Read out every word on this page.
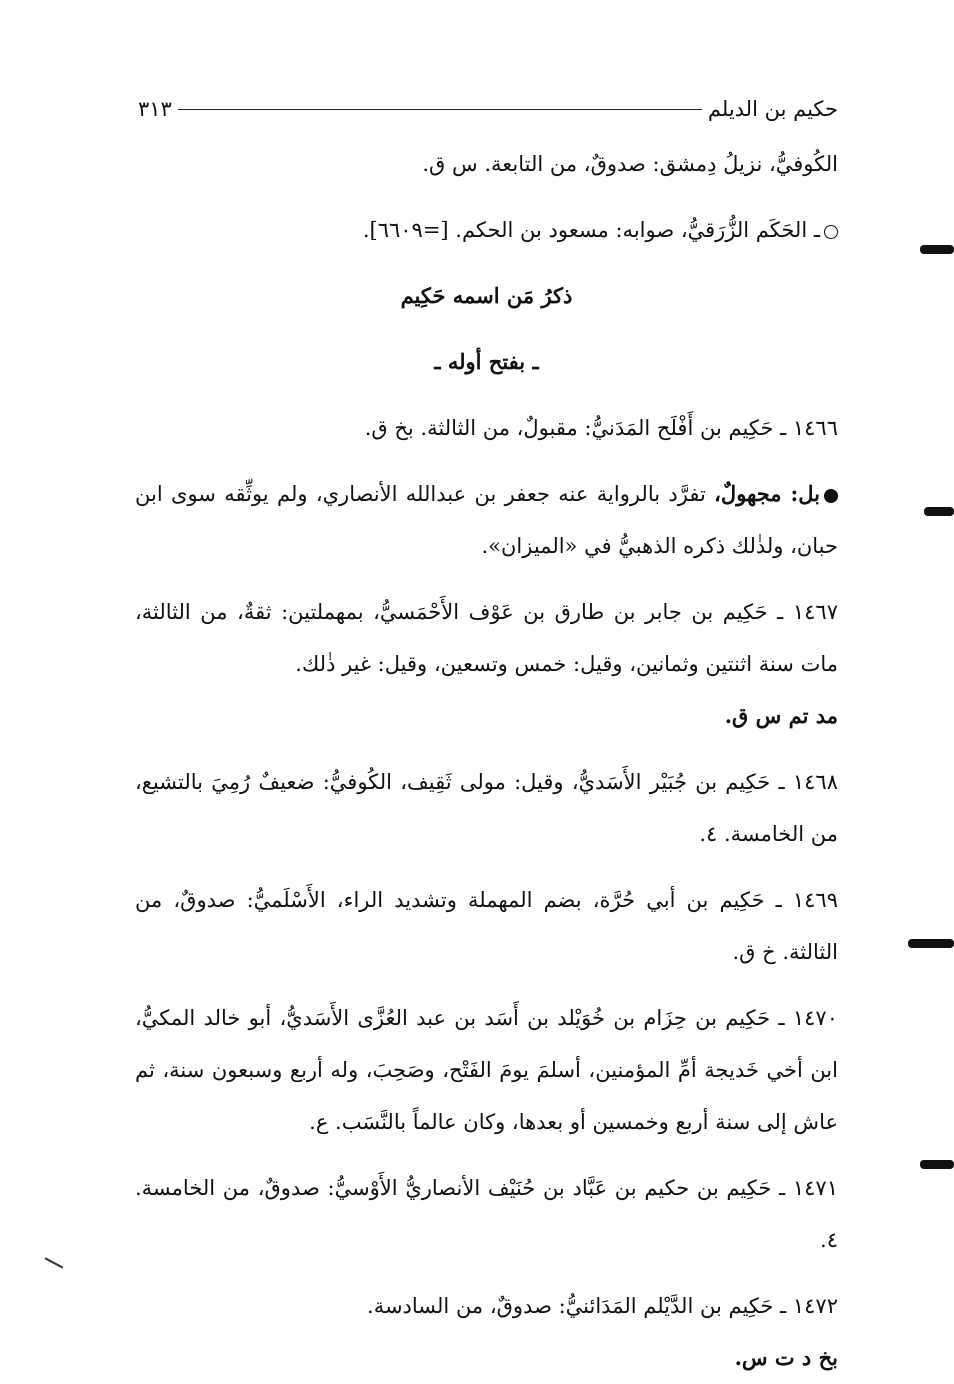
حكيم بن الديلم
٣١٣

الكُوفيُّ، نزيلُ دِمشق: صدوقٌ، من التابعة. س ق.

ـ الحَكَم الزُّرَقيُّ، صوابه: مسعود بن الحكم. [=٦٦٠٩].

ذكرُ مَن اسمه حَكِيم

ـ بفتح أوله ـ

١٤٦٦ ـ حَكِيم بن أَفْلَح المَدَنيُّ: مقبولٌ، من الثالثة. بخ ق.

بل: مجهولٌ، تفرَّد بالرواية عنه جعفر بن عبدالله الأنصاري، ولم يوثِّقه سوى ابن حبان، ولذٰلك ذكره الذهبيُّ في «الميزان».

١٤٦٧ ـ حَكِيم بن جابر بن طارق بن عَوْف الأَحْمَسيُّ، بمهملتين: ثقةٌ، من الثالثة، مات سنة اثنتين وثمانين، وقيل: خمس وتسعين، وقيل: غير ذٰلك.

مد تم س ق.

١٤٦٨ ـ حَكِيم بن جُبَيْر الأَسَديُّ، وقيل: مولى ثَقِيف، الكُوفيُّ: ضعيفٌ رُمِيَ بالتشيع، من الخامسة. ٤.

١٤٦٩ ـ حَكِيم بن أبي حُرَّة، بضم المهملة وتشديد الراء، الأَسْلَميُّ: صدوقٌ، من الثالثة. خ ق.

١٤٧٠ ـ حَكِيم بن حِزَام بن خُوَيْلد بن أَسَد بن عبد العُزَّى الأَسَديُّ، أبو خالد المكيُّ، ابن أخي خَديجة أمِّ المؤمنين، أسلمَ يومَ الفَتْح، وصَحِبَ، وله أربع وسبعون سنة، ثم عاش إلى سنة أربع وخمسين أو بعدها، وكان عالماً بالنَّسَب. ع.

١٤٧١ ـ حَكِيم بن حكيم بن عَبَّاد بن حُنَيْف الأنصاريُّ الأَوْسيُّ: صدوقٌ، من الخامسة. ٤.

١٤٧٢ ـ حَكِيم بن الدَّيْلم المَدَائنيُّ: صدوقٌ، من السادسة.

بخ د ت س.
